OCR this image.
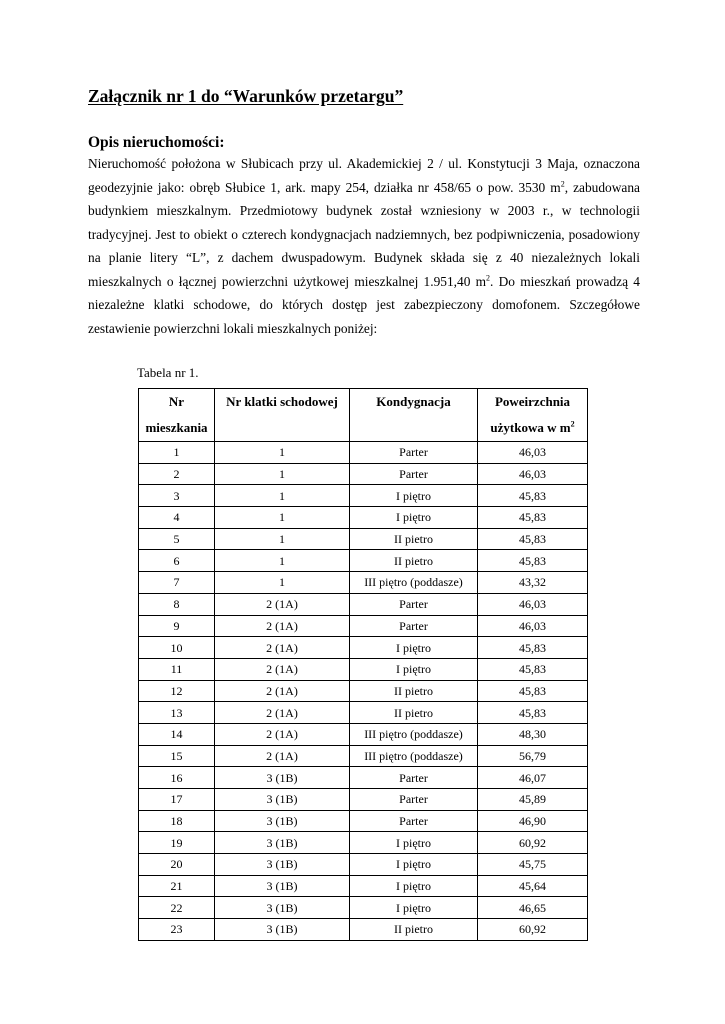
Załącznik nr 1 do “Warunków przetargu”
Opis nieruchomości:

Nieruchomość położona w Słubicach przy ul. Akademickiej 2 / ul. Konstytucji 3 Maja, oznaczona
geodezyjnie jako: obręb Słubice 1, ark. mapy 254, działka nr 458/65 o pow. 3530 $m^2$, zabudowana
budynkiem mieszkalnym. Przedmiotowy budynek został wzniesiony w 2003 r., w technologii
tradycyjnej. Jest to obiekt o czterech kondygnacjach nadziemnych, bez podpiwniczenia, posadowiony
na planie litery “L”, z dachem dwuspadowym. Budynek składa się z 40 niezależnych lokali
mieszkalnych o łącznej powierzchni użytkowej mieszkalnej 1.951,40 $m^2$. Do mieszkań prowadzą 4
niezależne klatki schodowe, do których dostęp jest zabezpieczony domofonem. Szczegółowe
zestawienie powierzchni lokali mieszkalnych poniżej:

Tabela nr 1.

Nr
mieszkania	Nr klatki schodowej	Kondygnacja	Poweirzchnia
użytkowa w $m^2$

1	1	Parter	46,03
2	1	Parter	46,03
3	1	I piętro	45,83
4	1	I piętro	45,83
5	1	II pietro	45,83
6	1	II pietro	45,83
7	1	III piętro (poddasze)	43,32
8	2 (1A)	Parter	46,03
9	2 (1A)	Parter	46,03
10	2 (1A)	I piętro	45,83
11	2 (1A)	I piętro	45,83
12	2 (1A)	II pietro	45,83
13	2 (1A)	II pietro	45,83
14	2 (1A)	III piętro (poddasze)	48,30
15	2 (1A)	III piętro (poddasze)	56,79
16	3 (1B)	Parter	46,07
17	3 (1B)	Parter	45,89
18	3 (1B)	Parter	46,90
19	3 (1B)	I piętro	60,92
20	3 (1B)	I piętro	45,75
21	3 (1B)	I piętro	45,64
22	3 (1B)	I piętro	46,65
23	3 (1B)	II pietro	60,92
